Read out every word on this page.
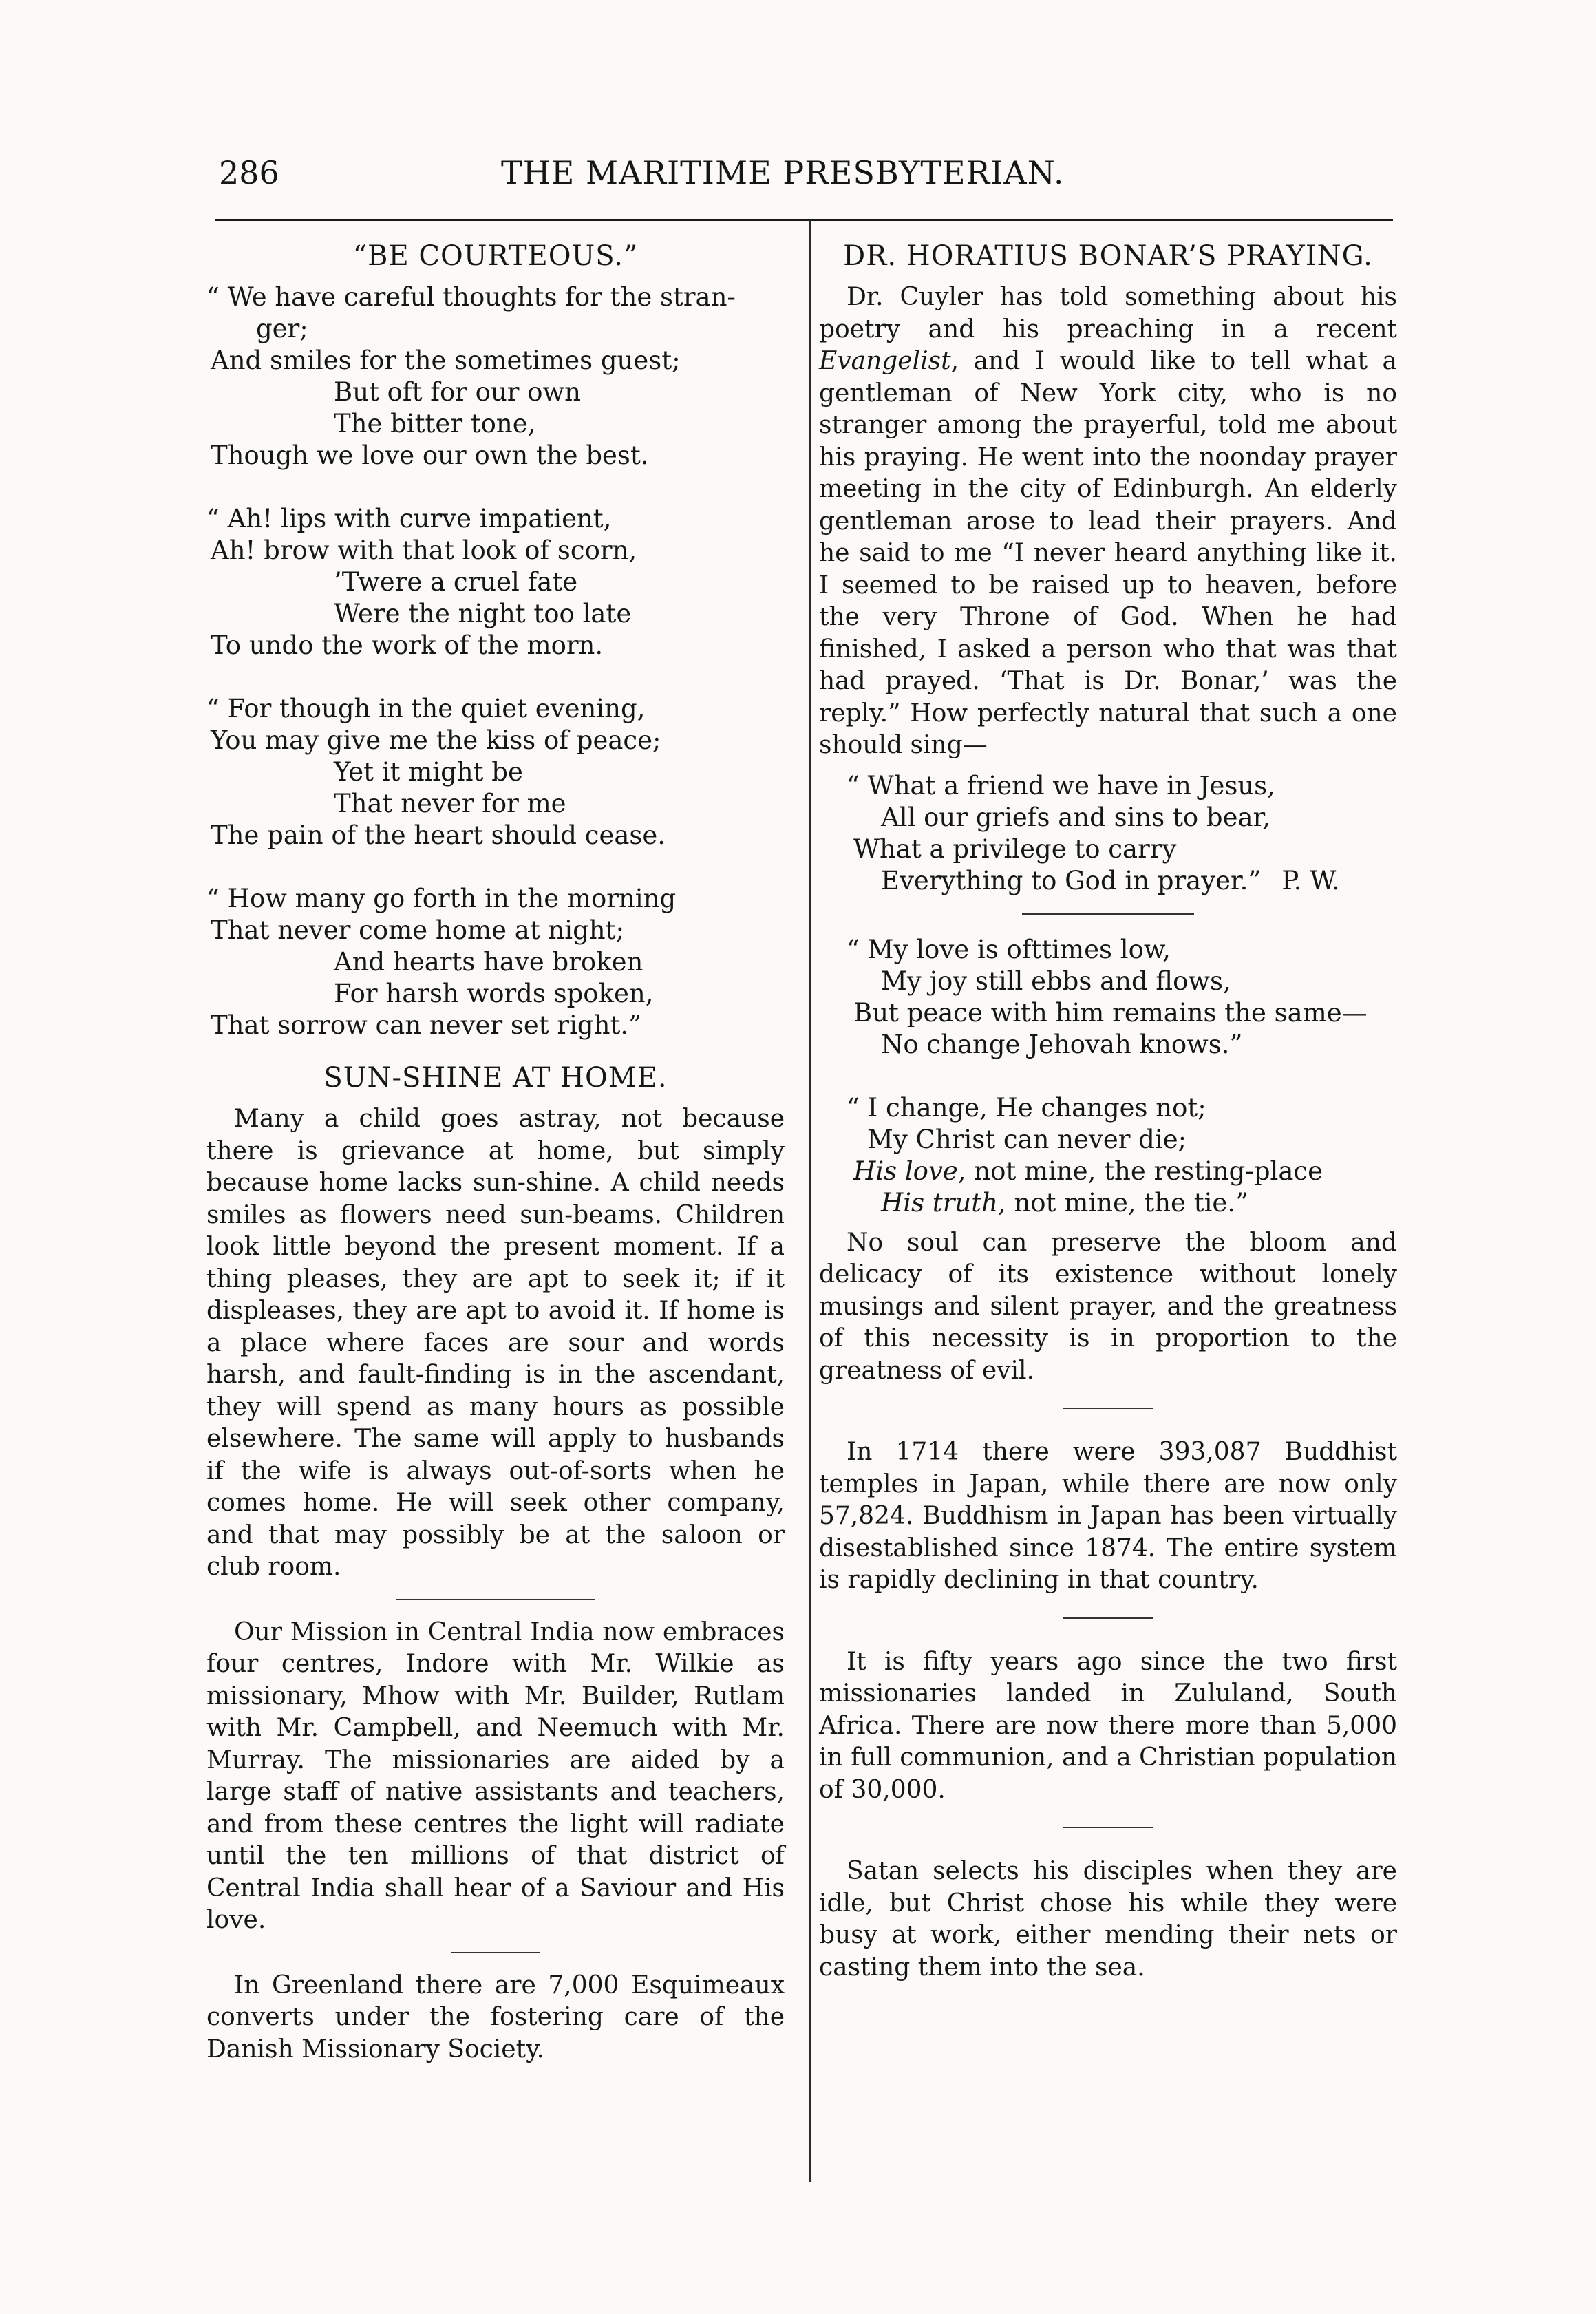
286	THE MARITIME PRESBYTERIAN.
“BE COURTEOUS.”
“ We have careful thoughts for the stran-
ger;
And smiles for the sometimes guest;
But oft for our own
The bitter tone,
Though we love our own the best.
“ Ah! lips with curve impatient,
Ah! brow with that look of scorn,
’Twere a cruel fate
Were the night too late
To undo the work of the morn.
“ For though in the quiet evening,
You may give me the kiss of peace;
Yet it might be
That never for me
The pain of the heart should cease.
“ How many go forth in the morning
That never come home at night;
And hearts have broken
For harsh words spoken,
That sorrow can never set right.”
SUN-SHINE AT HOME.

Many a child goes astray, not because there is grievance at home, but simply because home lacks sun-shine. A child needs smiles as flowers need sun-beams. Children look little beyond the present moment. If a thing pleases, they are apt to seek it; if it displeases, they are apt to avoid it. If home is a place where faces are sour and words harsh, and fault-finding is in the ascendant, they will spend as many hours as possible elsewhere. The same will apply to husbands if the wife is always out-of-sorts when he comes home. He will seek other company, and that may possibly be at the saloon or club room.

Our Mission in Central India now embraces four centres, Indore with Mr. Wilkie as missionary, Mhow with Mr. Builder, Rutlam with Mr. Campbell, and Neemuch with Mr. Murray. The missionaries are aided by a large staff of native assistants and teachers, and from these centres the light will radiate until the ten millions of that district of Central India shall hear of a Saviour and His love.

In Greenland there are 7,000 Esquimeaux converts under the fostering care of the Danish Missionary Society.

DR. HORATIUS BONAR’S PRAYING.

Dr. Cuyler has told something about his poetry and his preaching in a recent Evangelist, and I would like to tell what a gentleman of New York city, who is no stranger among the prayerful, told me about his praying. He went into the noonday prayer meeting in the city of Edinburgh. An elderly gentleman arose to lead their prayers. And he said to me “I never heard anything like it. I seemed to be raised up to heaven, before the very Throne of God. When he had finished, I asked a person who that was that had prayed. ‘That is Dr. Bonar,’ was the reply.” How perfectly natural that such a one should sing—

“ What a friend we have in Jesus,
All our griefs and sins to bear,
What a privilege to carry
Everything to God in prayer.” P. W.
“ My love is ofttimes low,
My joy still ebbs and flows,
But peace with him remains the same—
No change Jehovah knows.”
“ I change, He changes not;
My Christ can never die;
His love, not mine, the resting-place
His truth, not mine, the tie.”

No soul can preserve the bloom and delicacy of its existence without lonely musings and silent prayer, and the greatness of this necessity is in proportion to the greatness of evil.

In 1714 there were 393,087 Buddhist temples in Japan, while there are now only 57,824. Buddhism in Japan has been virtually disestablished since 1874. The entire system is rapidly declining in that country.

It is fifty years ago since the two first missionaries landed in Zululand, South Africa. There are now there more than 5,000 in full communion, and a Christian population of 30,000.

Satan selects his disciples when they are idle, but Christ chose his while they were busy at work, either mending their nets or casting them into the sea.
